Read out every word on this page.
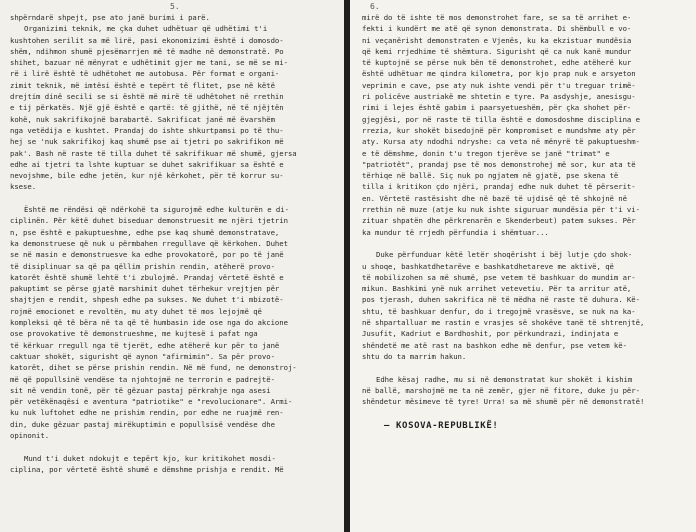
5.
shpërndarë shpejt, pse ato janë burimi i parë.
Organizimi teknik, me çka duhet udhëtuar që udhëtimi t'i
kushtohen serilit sa më lirë, pasi ekonomizimi është i domosdo-
shëm, ndihmon shumë pjesëmarrjen më të madhe në demonstratë. Po
shihet, bazuar në mënyrat e udhëtimit gjer me tani, se më se mi-
rë i lirë është të udhëtohet me autobusa. Për format e organi-
zimit teknik, më imtësi është e tepërt të flitet, pse në këtë
drejtim dinë secili se si është më mirë të udhëtohet në rrethin
e tij përkatës. Një gjë është e qartë: të gjithë, në të njëjtën
kohë, nuk sakrifikojnë barabartë. Sakrificat janë më ëvarshëm
nga vetëdija e kushtet. Prandaj do ishte shkurtpamsi po të thu-
hej se 'nuk sakrifikoj kaq shumë pse ai tjetri po sakrifikon më
pak'. Bash në raste të tilla duhet të sakrifikuar më shumë, gjersa
edhe ai tjetri ta lshte kuptuar se duhet sakrifikuar sa është e
nevojshme, bile edhe jetën, kur një kërkohet, për të korrur su-
ksese.
Është me rëndësi që ndërkohë ta sigurojmë edhe kulturën e di-
ciplinën. Për këtë duhet biseduar demonstruesit me njëri tjetrin
n, pse është e pakuptueshme, edhe pse kaq shumë demonstratave,
ka demonstruese që nuk u përmbahen rregullave që kërkohen. Duhet
se në masin e demonstruesve ka edhe provokatorë, por po të janë
të disiplinuar sa që pa qëllim prishin rendin, atëherë provo-
katorët është shumë lehtë t'i zbulojmë. Prandaj vërtetë është e
pakuptimt se përse gjatë marshimit duhet tërhekur vrejtjen për
shajtjen e rendit, shpesh edhe pa sukses. Ne duhet t'i mbizotë-
rojmë emocionet e revoltën, mu aty duhet të mos lejojmë që
kompleksi që të bëra në ta që të humbasin ide ose nga do akcione
ose provokative të demonstrueshme, me kujtesë i pafat nga
të kërkuar rregull nga të tjerët, edhe atëherë kur për to janë
caktuar shokët, sigurisht që aynon "afirmimin". Sa për provo-
katorët, dihet se përse prishin rendin. Në më fund, ne demonstroj-
më që popullsinë vendëse ta njohtojmë ne terrorin e padrejtë-
sit në vendin tonë, për të gëzuar pastaj përkrahje nga asesi
për vetëkënaqësi e aventura "patriotike" e "revolucionare". Armi-
ku nuk luftohet edhe ne prishim rendin, por edhe ne ruajmë ren-
din, duke gëzuar pastaj mirëkuptimin e popullsisë vendëse dhe
opinonit.
Mund t'i duket ndokujt e tepërt kjo, kur kritikohet mosdi-
ciplina, por vërtetë është shumë e dëmshme prishja e rendit. Më
6.
mirë do të ishte të mos demonstrohet fare, se sa të arrihet e-
fekti i kundërt me atë që synon demonstrata. Di shëmbull e vo-
ni veçanërisht demonstraten e Vjenës, ku ka ekzistuar mundësia
që kemi rrjedhime të shëmtura. Sigurisht që ca nuk kanë mundur
të kuptojnë se përse nuk bën të demonstrohet, edhe atëherë kur
është udhëtuar me qindra kilometra, por kjo prap nuk e arsyeton
veprimin e cave, pse aty nuk ishte vendi për t'u treguar trimë-
ri policëve austriakë me shtetin e tyre. Pa asdyshje, anesisgu-
rimi i lejes është gabim i paarsyetueshëm, për çka shohet për-
gjegjësi, por në raste të tilla është e domosdoshme disciplina e
rrezia, kur shokët bisedojnë për kompromiset e mundshme aty për
aty. Kursa aty ndodhi ndryshe: ca veta në mënyrë të pakuptueshm-
e të dëmshme, donin t'u tregon tjerëve se janë "trimat" e
"patriotët", prandaj pse të mos demonstrohej më sor, kur ata të
tërhiqe në ballë. Siç nuk po ngjatem në gjatë, pse skena të
tilla i kritikon çdo njëri, prandaj edhe nuk duhet të përserit-
en. Vërtetë rastësisht dhe në bazë të ujdisë që të shkojnë në
rrethin në muze (atje ku nuk ishte siguruar mundësia për t'i vi-
zituar shpatën dhe përkrenarën e Skenderbeut) patem sukses. Për
ka mundur të rrjedh përfundia i shëmtuar...
Duke përfunduar këtë letër shoqërisht i bëj lutje çdo shok-
u shoqe, bashkatdhetarëve e bashkatdhetareve me aktivë, që
të mobilizohen sa më shumë, pse vetem të bashkuar do mundim ar-
mikun. Bashkimi ynë nuk arrihet vetevetiu. Për ta arritur atë,
pos tjerash, duhen sakrifica në të mëdha në raste të duhura. Kë-
shtu, të bashkuar denfur, do i tregojmë vrasësve, se nuk na ka-
në shpartalluar me rastin e vrasjes së shokëve tanë të shtrenjtë,
Jusufit, Kadriut e Bardhoshit, por përkundrazi, indinjata e
shëndetë me atë rast na bashkon edhe më denfur, pse vetem kë-
shtu do ta marrim hakun.
Edhe kësaj radhe, mu si në demonstratat kur shokët i kishim
në ballë, marshojmë me ta në zemër, gjer në fitore, duke ju për-
shëndetur mësimeve të tyre! Urra! sa më shumë për në demonstratë!
— KOSOVA-REPUBLIKË!
